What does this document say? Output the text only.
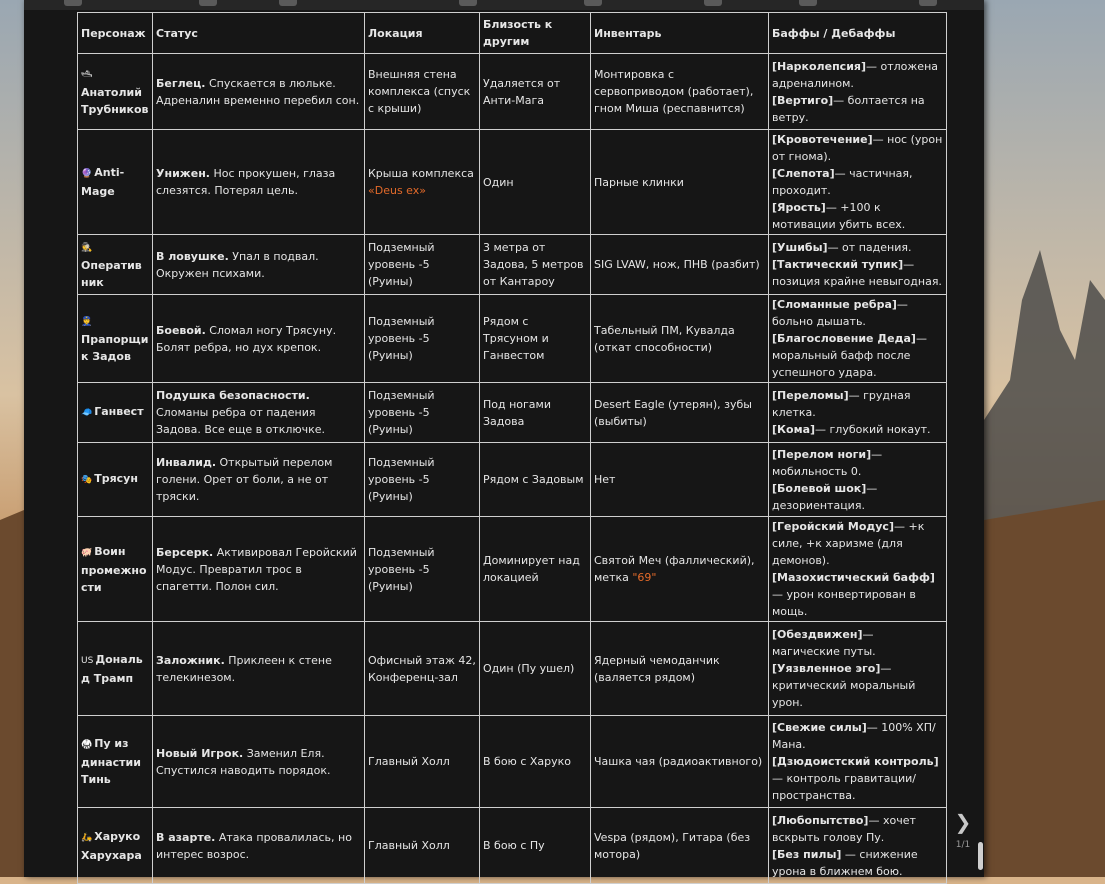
Персонаж	Статус	Локация	Близость к другим	Инвентарь	Баффы / Дебаффы
🛥Анатолий Трубников	Беглец. Спускается в люльке. Адреналин временно перебил сон.	Внешняя стена комплекса (спуск с крыши)	Удаляется от Анти-Мага	Монтировка с сервоприводом (работает), гном Миша (респавнится)	[Нарколепсия]— отложена адреналином.
[Вертиго]— болтается на ветру.

🔮 Anti-Mage	Унижен. Нос прокушен, глаза слезятся. Потерял цель.	Крыша комплекса «Deus ex»	Один	Парные клинки	[Кровотечение]— нос (урон от гнома).
[Слепота]— частичная, проходит.
[Ярость]— +100 к мотивации убить всех.

🕵Оперативник	В ловушке. Упал в подвал. Окружен психами.	Подземный уровень -5 (Руины)	3 метра от Задова, 5 метров от Кантароу	SIG LVAW, нож, ПНВ (разбит)	[Ушибы]— от падения.
[Тактический тупик]— позиция крайне невыгодная.

👮Прапорщик Задов	Боевой. Сломал ногу Трясуну. Болят ребра, но дух крепок.	Подземный уровень -5 (Руины)	Рядом с Трясуном и Ганвестом	Табельный ПМ, Кувалда (откат способности)	[Сломанные ребра]— больно дышать.
[Благословение Деда]— моральный бафф после успешного удара.

🧢 Ганвест	Подушка безопасности. Сломаны ребра от падения Задова. Все еще в отключке.	Подземный уровень -5 (Руины)	Под ногами Задова	Desert Eagle (утерян), зубы (выбиты)	[Переломы]— грудная клетка.
[Кома]— глубокий нокаут.

🎭 Трясун	Инвалид. Открытый перелом голени. Орет от боли, а не от тряски.	Подземный уровень -5 (Руины)	Рядом с Задовым	Нет	[Перелом ноги]— мобильность 0.
[Болевой шок]— дезориентация.

🐖 Воин промежности	Берсерк. Активировал Геройский Модус. Превратил трос в спагетти. Полон сил.	Подземный уровень -5 (Руины)	Доминирует над локацией	Святой Меч (фаллический), метка "69"	[Геройский Модус]— +к силе, +к харизме (для демонов).
[Мазохистический бафф]— урон конвертирован в мощь.

US Дональд Трамп	Заложник. Приклеен к стене телекинезом.	Офисный этаж 42, Конференц-зал	Один (Пу ушел)	Ядерный чемоданчик (валяется рядом)	[Обездвижен]— магические путы.
[Уязвленное эго]— критический моральный урон.

🥋 Пу из династии Тинь	Новый Игрок. Заменил Еля. Спустился наводить порядок.	Главный Холл	В бою с Харуко	Чашка чая (радиоактивного)	[Свежие силы]— 100% ХП/Мана.
[Дзюдоистский контроль]— контроль гравитации/пространства.

🛵 Харуко Харухара	В азарте. Атака провалилась, но интерес возрос.	Главный Холл	В бою с Пу	Vespa (рядом), Гитара (без мотора)	[Любопытство]— хочет вскрыть голову Пу.
[Без пилы] — снижение урона в ближнем бою.
❯
1/1
